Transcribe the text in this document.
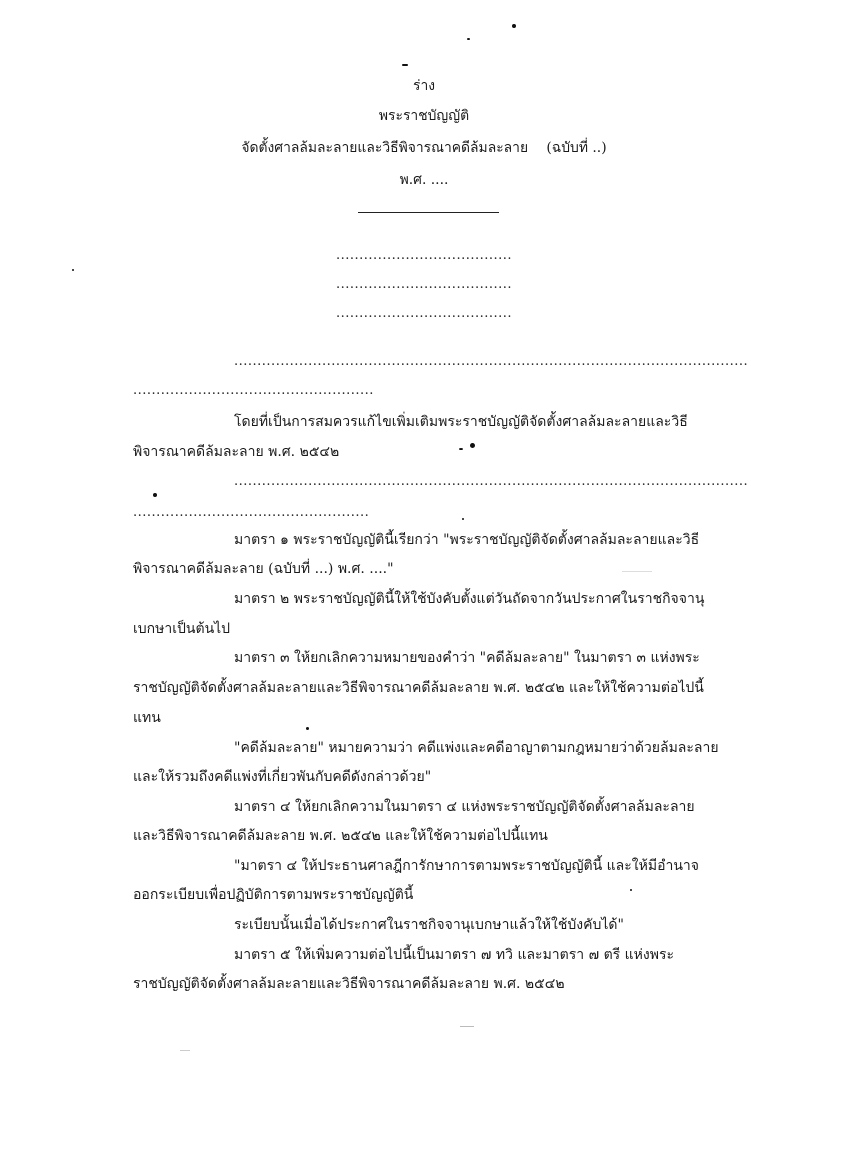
ร่าง
พระราชบัญญัติ
จัดตั้งศาลล้มละลายและวิธีพิจารณาคดีล้มละลาย (ฉบับที่ ..)
พ.ศ. ....
......................................
......................................
......................................
...............................................................................................................
....................................................
โดยที่เป็นการสมควรแก้ไขเพิ่มเติมพระราชบัญญัติจัดตั้งศาลล้มละลายและวิธี
พิจารณาคดีล้มละลาย พ.ศ. ๒๕๔๒
...............................................................................................................
...................................................
มาตรา ๑ พระราชบัญญัตินี้เรียกว่า "พระราชบัญญัติจัดตั้งศาลล้มละลายและวิธี
พิจารณาคดีล้มละลาย (ฉบับที่ ...) พ.ศ. ...."
มาตรา ๒ พระราชบัญญัตินี้ให้ใช้บังคับตั้งแต่วันถัดจากวันประกาศในราชกิจจานุ
เบกษาเป็นต้นไป
มาตรา ๓ ให้ยกเลิกความหมายของคำว่า "คดีล้มละลาย" ในมาตรา ๓ แห่งพระ
ราชบัญญัติจัดตั้งศาลล้มละลายและวิธีพิจารณาคดีล้มละลาย พ.ศ. ๒๕๔๒ และให้ใช้ความต่อไปนี้
แทน
"คดีล้มละลาย" หมายความว่า คดีแพ่งและคดีอาญาตามกฎหมายว่าด้วยล้มละลาย
และให้รวมถึงคดีแพ่งที่เกี่ยวพันกับคดีดังกล่าวด้วย"
มาตรา ๔ ให้ยกเลิกความในมาตรา ๔ แห่งพระราชบัญญัติจัดตั้งศาลล้มละลาย
และวิธีพิจารณาคดีล้มละลาย พ.ศ. ๒๕๔๒ และให้ใช้ความต่อไปนี้แทน
"มาตรา ๔ ให้ประธานศาลฎีการักษาการตามพระราชบัญญัตินี้ และให้มีอำนาจ
ออกระเบียบเพื่อปฏิบัติการตามพระราชบัญญัตินี้
ระเบียบนั้นเมื่อได้ประกาศในราชกิจจานุเบกษาแล้วให้ใช้บังคับได้"
มาตรา ๕ ให้เพิ่มความต่อไปนี้เป็นมาตรา ๗ ทวิ และมาตรา ๗ ตรี แห่งพระ
ราชบัญญัติจัดตั้งศาลล้มละลายและวิธีพิจารณาคดีล้มละลาย พ.ศ. ๒๕๔๒
